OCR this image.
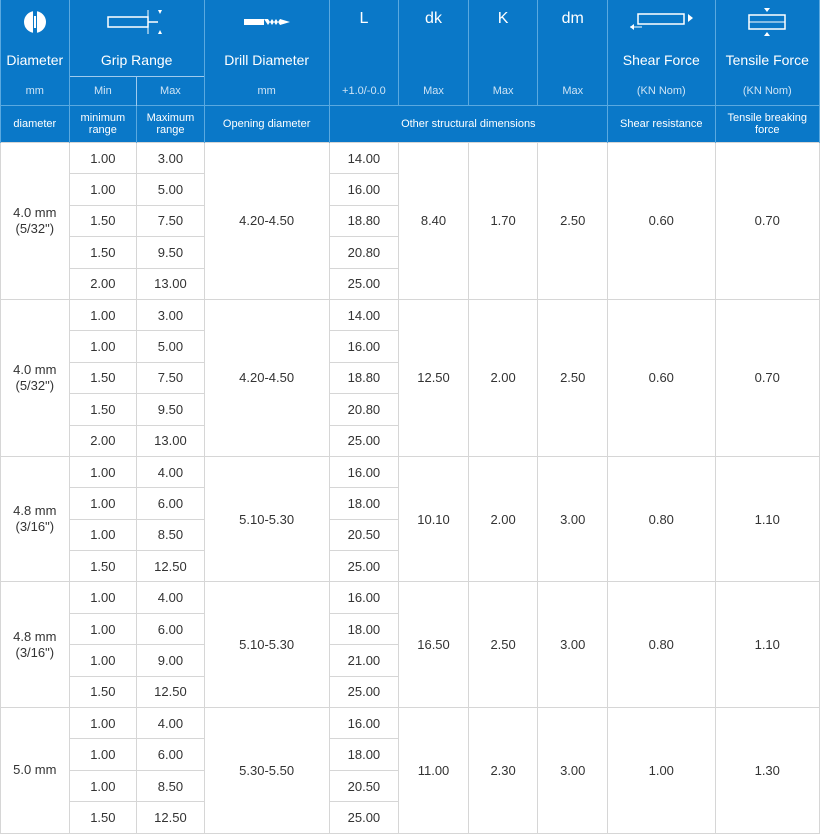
	L	dk	K	dm	

Diameter	Grip Range		Drill Diameter					Shear Force	Tensile Force
mm	Min	Max	mm	+1.0/-0.0	Max	Max	Max	(KN Nom)	(KN Nom)
diameter	minimum range	Maximum range	Opening diameter	Other structural dimensions				Shear resistance	Tensile breaking force

4.0 mm
(5/32")	1.00	3.00	4.20-4.50	14.00	8.40	1.70	2.50	0.60	0.70
	1.00	5.00		16.00					
	1.50	7.50		18.80					
	1.50	9.50		20.80					
	2.00	13.00		25.00					

4.0 mm
(5/32")	1.00	3.00	4.20-4.50	14.00	12.50	2.00	2.50	0.60	0.70
	1.00	5.00		16.00					
	1.50	7.50		18.80					
	1.50	9.50		20.80					
	2.00	13.00		25.00					

4.8 mm
(3/16")	1.00	4.00	5.10-5.30	16.00	10.10	2.00	3.00	0.80	1.10
	1.00	6.00		18.00					
	1.00	8.50		20.50					
	1.50	12.50		25.00					

4.8 mm
(3/16")	1.00	4.00	5.10-5.30	16.00	16.50	2.50	3.00	0.80	1.10
	1.00	6.00		18.00					
	1.00	9.00		21.00					
	1.50	12.50		25.00					

5.0 mm	1.00	4.00	5.30-5.50	16.00	11.00	2.30	3.00	1.00	1.30
	1.00	6.00		18.00					
	1.00	8.50		20.50					
	1.50	12.50		25.00					
